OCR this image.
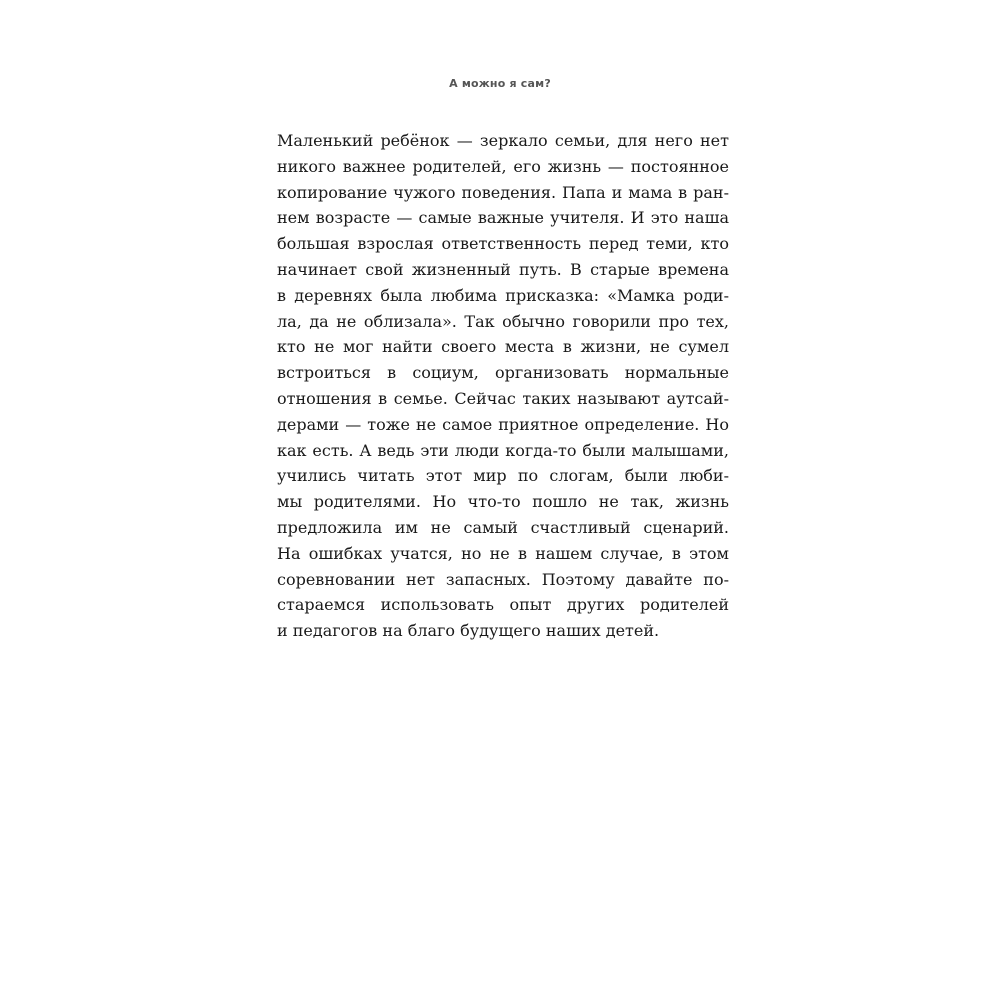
А можно я сам?
Маленький ребёнок — зеркало семьи, для него нет
никого важнее родителей, его жизнь — постоянное
копирование чужого поведения. Папа и мама в ран-
нем возрасте — самые важные учителя. И это наша
большая взрослая ответственность перед теми, кто
начинает свой жизненный путь. В старые времена
в деревнях была любима присказка: «Мамка роди-
ла, да не облизала». Так обычно говорили про тех,
кто не мог найти своего места в жизни, не сумел
встроиться в социум, организовать нормальные
отношения в семье. Сейчас таких называют аутсай-
дерами — тоже не самое приятное определение. Но
как есть. А ведь эти люди когда-то были малышами,
учились читать этот мир по слогам, были люби-
мы родителями. Но что-то пошло не так, жизнь
предложила им не самый счастливый сценарий.
На ошибках учатся, но не в нашем случае, в этом
соревновании нет запасных. Поэтому давайте по-
стараемся использовать опыт других родителей
и педагогов на благо будущего наших детей.
